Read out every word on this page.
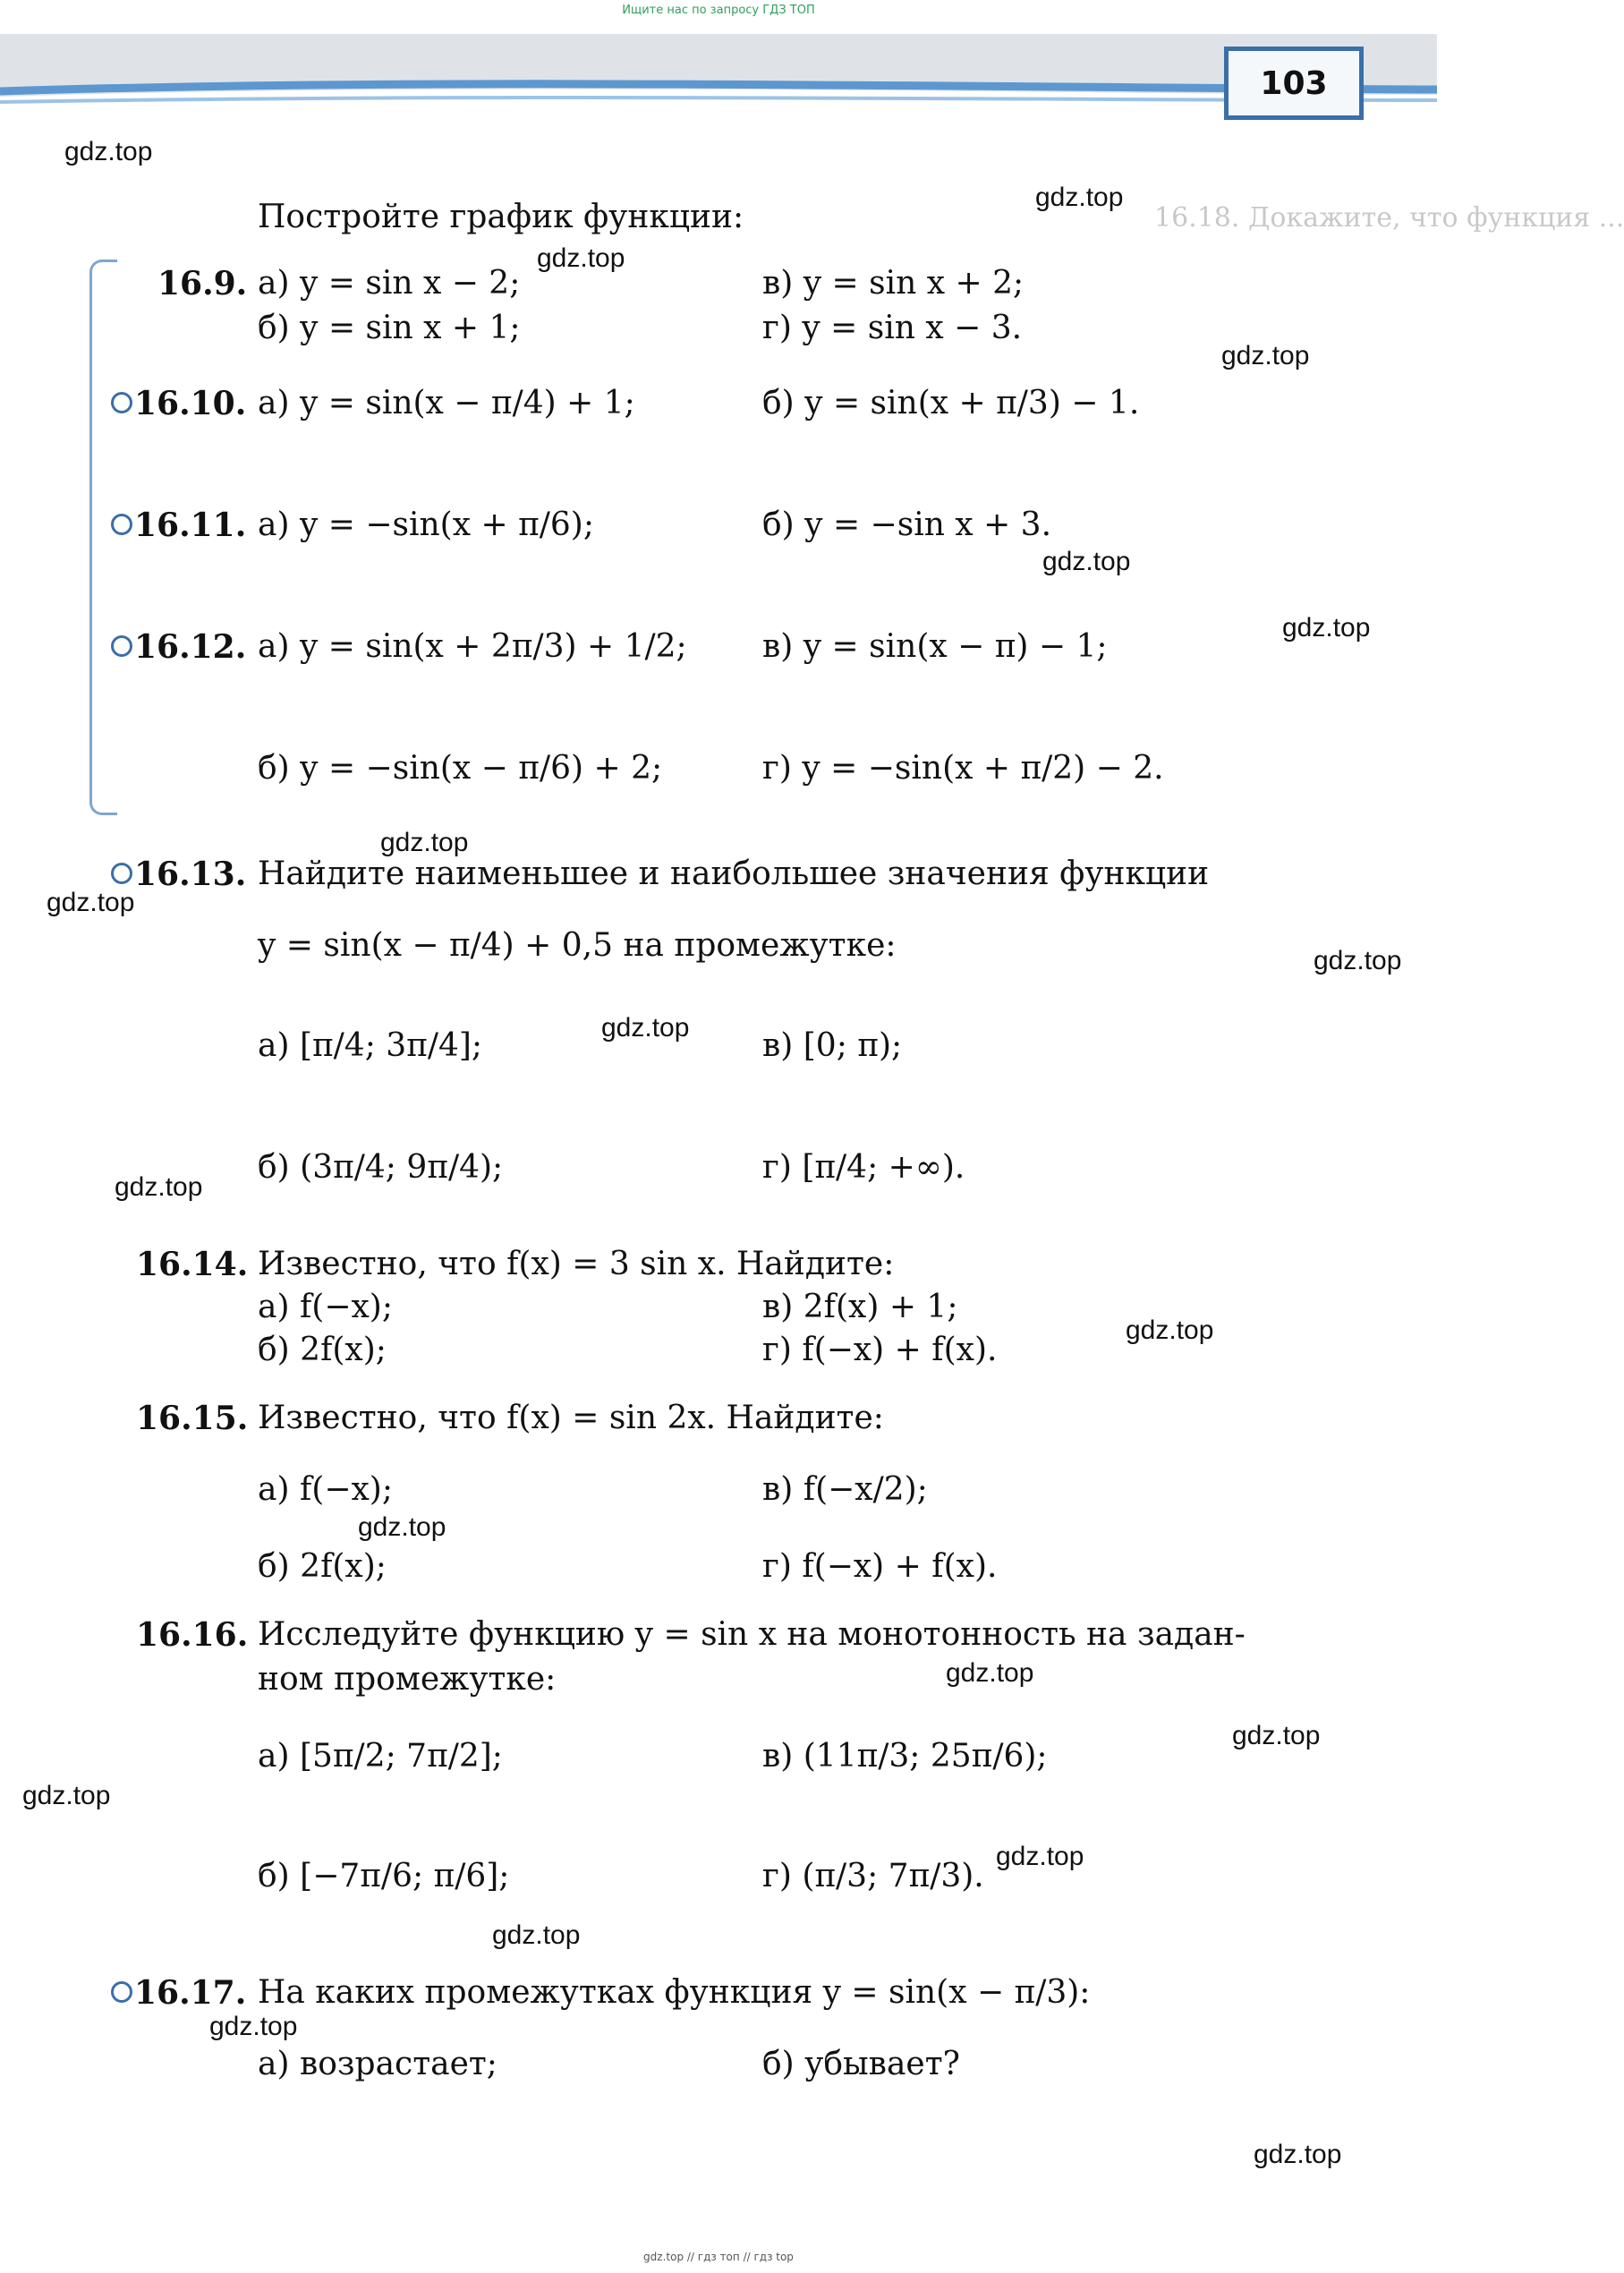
Ищите нас по запросу ГДЗ ТОП
103
16.18. Докажите, что функция ...
gdz.top
gdz.top
gdz.top
gdz.top
gdz.top
gdz.top
gdz.top
gdz.top
gdz.top
gdz.top
gdz.top
gdz.top
gdz.top
gdz.top
gdz.top
gdz.top
gdz.top
gdz.top
gdz.top
gdz.top
Постройте график функции:
16.9. а) y = sin x − 2;	в) y = sin x + 2;
б) y = sin x + 1;	г) y = sin x − 3.
16.10. а) y = sin(x − π/4) + 1;	б) y = sin(x + π/3) − 1.
16.11. а) y = −sin(x + π/6);	б) y = −sin x + 3.
16.12. а) y = sin(x + 2π/3) + 1/2; в) y = sin(x − π) − 1;
б) y = −sin(x − π/6) + 2;	г) y = −sin(x + π/2) − 2.
16.13. Найдите наименьшее и наибольшее значения функции
y = sin(x − π/4) + 0,5 на промежутке:
а) [π/4; 3π/4];	в) [0; π);
б) (3π/4; 9π/4);	г) [π/4; +∞).
16.14. Известно, что f(x) = 3 sin x. Найдите:
а) f(−x);	в) 2f(x) + 1;
б) 2f(x);	г) f(−x) + f(x).
16.15. Известно, что f(x) = sin 2x. Найдите:
а) f(−x);	в) f(−x/2);
б) 2f(x);	г) f(−x) + f(x).
16.16. Исследуйте функцию y = sin x на монотонность на задан-
ном промежутке:
а) [5π/2; 7π/2];	в) (11π/3; 25π/6);
б) [−7π/6; π/6];	г) (π/3; 7π/3).
16.17. На каких промежутках функция y = sin(x − π/3):
а) возрастает;	б) убывает?
gdz.top // гдз топ // гдз top
